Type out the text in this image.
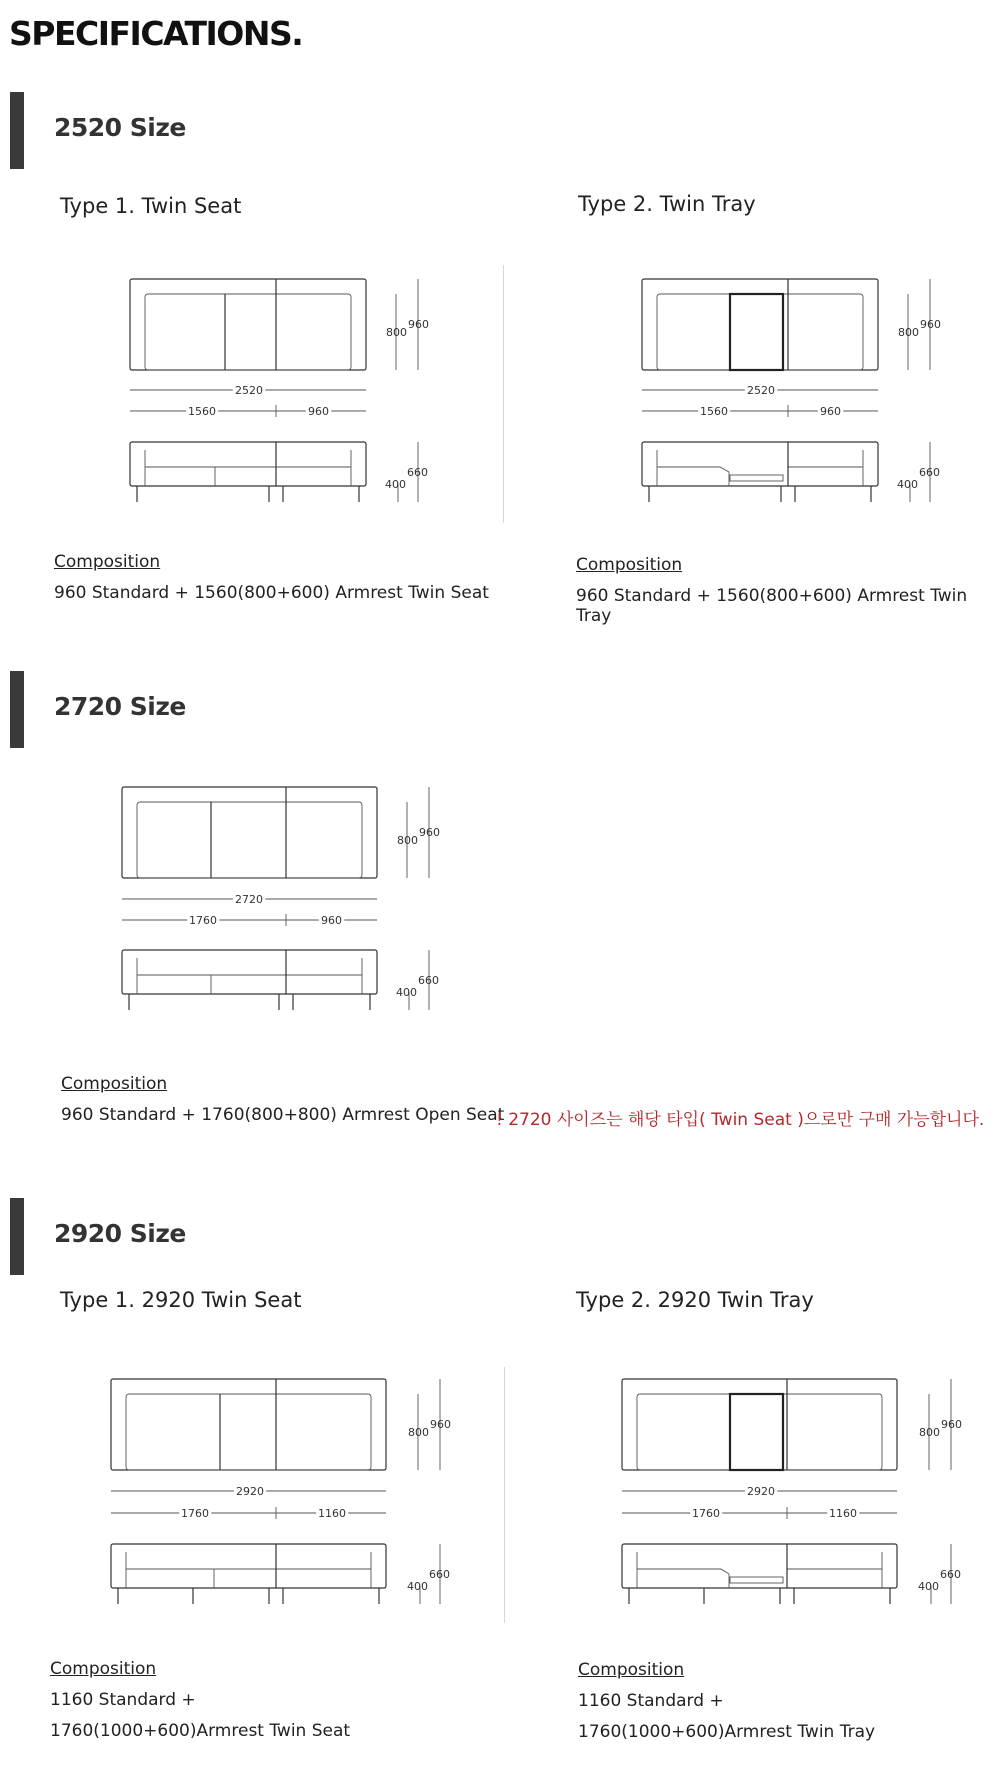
SPECIFICATIONS.
2520 Size
Type 1. Twin Seat	Type 2. Twin Tray
800
960
2520
1560	960
660
400
800
960
2520
1560	960
660
400
Composition
960 Standard + 1560(800+600) Armrest Twin Seat
Composition
960 Standard + 1560(800+600) Armrest Twin Tray
2720 Size
800
960
2720
1760	960
660
400
Composition
960 Standard + 1760(800+800) Armrest Open Seat
! 2720 사이즈는 해당 타입( Twin Seat )으로만 구매 가능합니다.
2920 Size
Type 1. 2920 Twin Seat	Type 2. 2920 Twin Tray
800
960
2920
1760	1160
660
400
800
960
2920
1760	1160
660
400
Composition
1160 Standard +
1760(1000+600)Armrest Twin Seat
Composition
1160 Standard +
1760(1000+600)Armrest Twin Tray
